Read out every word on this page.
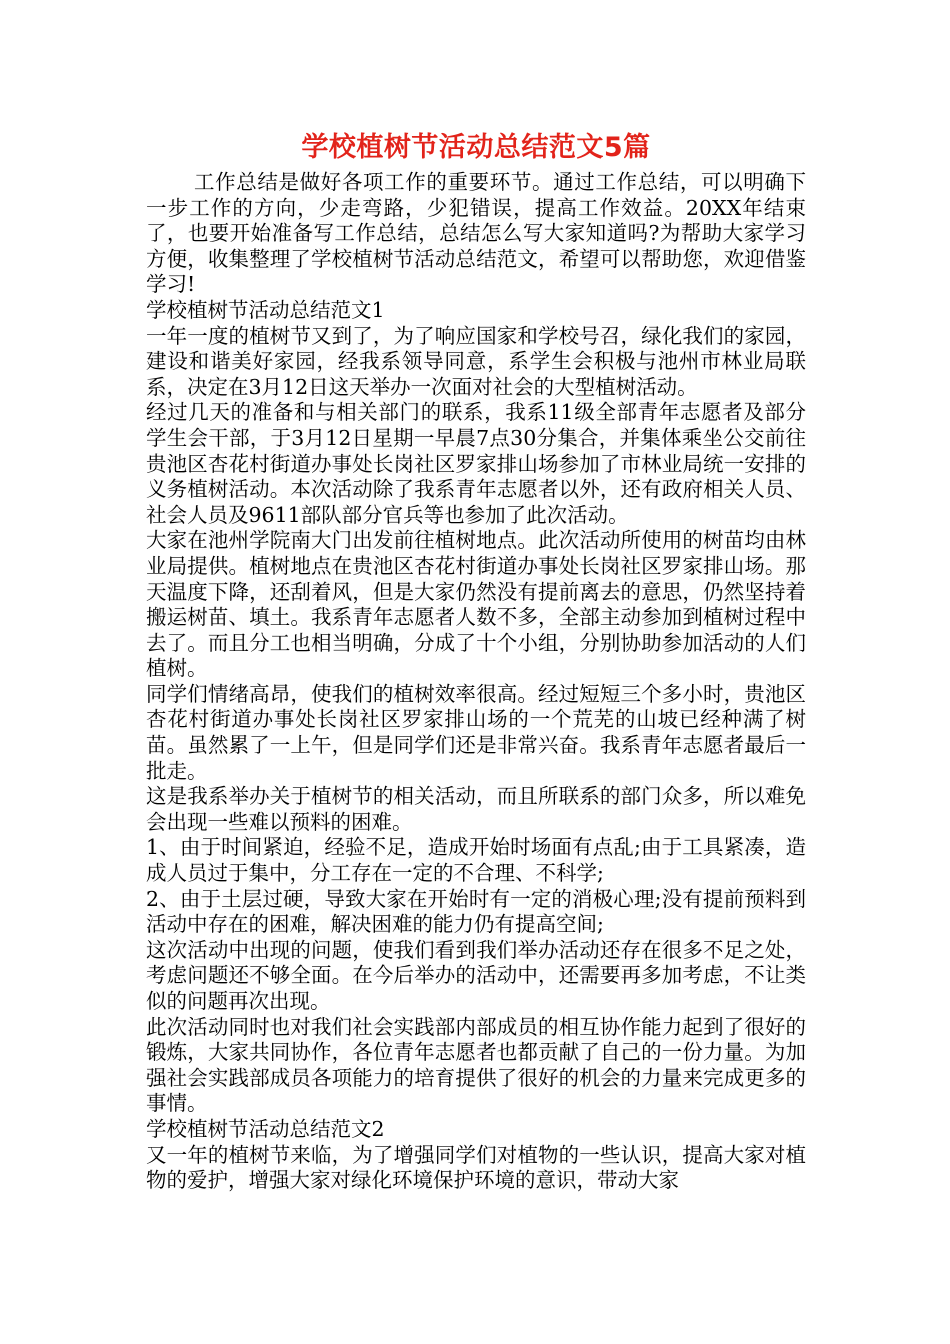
学校植树节活动总结范文5篇

工作总结是做好各项工作的重要环节。通过工作总结，可以明确下一步工作的方向，少走弯路，少犯错误，提高工作效益。20XX年结束了，也要开始准备写工作总结，总结怎么写大家知道吗?为帮助大家学习方便，收集整理了学校植树节活动总结范文，希望可以帮助您，欢迎借鉴学习!

学校植树节活动总结范文1

一年一度的植树节又到了，为了响应国家和学校号召，绿化我们的家园，建设和谐美好家园，经我系领导同意，系学生会积极与池州市林业局联系，决定在3月12日这天举办一次面对社会的大型植树活动。

经过几天的准备和与相关部门的联系，我系11级全部青年志愿者及部分学生会干部，于3月12日星期一早晨7点30分集合，并集体乘坐公交前往贵池区杏花村街道办事处长岗社区罗家排山场参加了市林业局统一安排的义务植树活动。本次活动除了我系青年志愿者以外，还有政府相关人员、社会人员及9611部队部分官兵等也参加了此次活动。

大家在池州学院南大门出发前往植树地点。此次活动所使用的树苗均由林业局提供。植树地点在贵池区杏花村街道办事处长岗社区罗家排山场。那天温度下降，还刮着风，但是大家仍然没有提前离去的意思，仍然坚持着搬运树苗、填土。我系青年志愿者人数不多，全部主动参加到植树过程中去了。而且分工也相当明确，分成了十个小组，分别协助参加活动的人们植树。

同学们情绪高昂，使我们的植树效率很高。经过短短三个多小时，贵池区杏花村街道办事处长岗社区罗家排山场的一个荒芜的山坡已经种满了树苗。虽然累了一上午，但是同学们还是非常兴奋。我系青年志愿者最后一批走。

这是我系举办关于植树节的相关活动，而且所联系的部门众多，所以难免会出现一些难以预料的困难。

1、由于时间紧迫，经验不足，造成开始时场面有点乱;由于工具紧凑，造成人员过于集中，分工存在一定的不合理、不科学;

2、由于土层过硬，导致大家在开始时有一定的消极心理;没有提前预料到活动中存在的困难，解决困难的能力仍有提高空间;

这次活动中出现的问题，使我们看到我们举办活动还存在很多不足之处，考虑问题还不够全面。在今后举办的活动中，还需要再多加考虑，不让类似的问题再次出现。

此次活动同时也对我们社会实践部内部成员的相互协作能力起到了很好的锻炼，大家共同协作，各位青年志愿者也都贡献了自己的一份力量。为加强社会实践部成员各项能力的培育提供了很好的机会的力量来完成更多的事情。

学校植树节活动总结范文2

又一年的植树节来临，为了增强同学们对植物的一些认识，提高大家对植物的爱护，增强大家对绿化环境保护环境的意识，带动大家
